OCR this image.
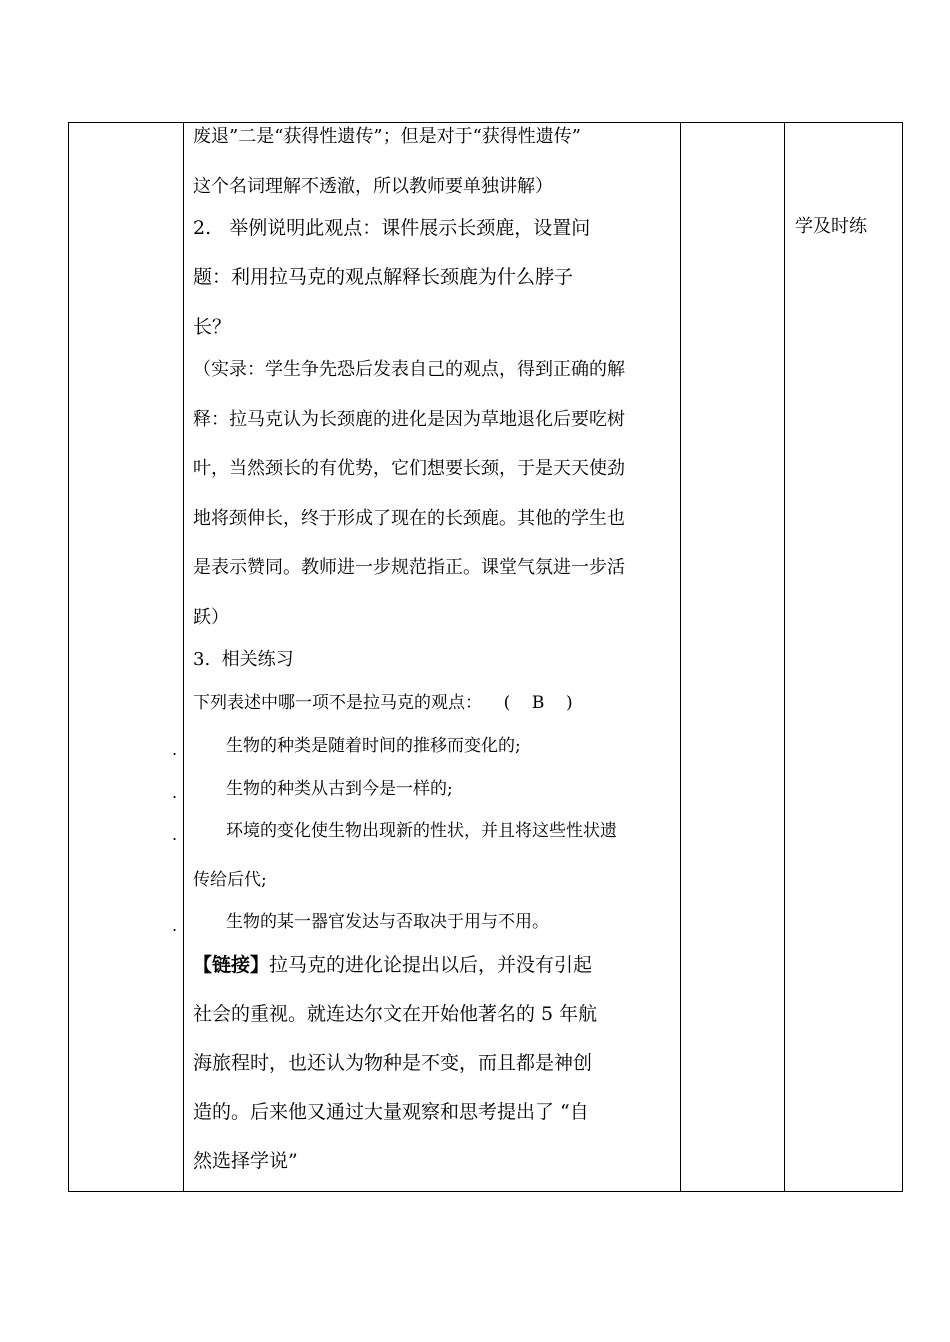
废退”二是“获得性遗传”；但是对于“获得性遗传”
这个名词理解不透澈，所以教师要单独讲解）
2.   举例说明此观点：课件展示长颈鹿，设置问
题：利用拉马克的观点解释长颈鹿为什么脖子
长？
（实录：学生争先恐后发表自己的观点，得到正确的解
释：拉马克认为长颈鹿的进化是因为草地退化后要吃树
叶，当然颈长的有优势，它们想要长颈，于是天天使劲
地将颈伸长，终于形成了现在的长颈鹿。其他的学生也
是表示赞同。教师进一步规范指正。课堂气氛进一步活
跃）
3.  相关练习
下列表述中哪一项不是拉马克的观点：    (    B    )
.	生物的种类是随着时间的推移而变化的;
.	生物的种类从古到今是一样的;
.	环境的变化使生物出现新的性状，并且将这些性状遗
传给后代;
.	生物的某一器官发达与否取决于用与不用。
【链接】拉马克的进化论提出以后，并没有引起
社会的重视。就连达尔文在开始他著名的 5 年航
海旅程时，也还认为物种是不变，而且都是神创
造的。后来他又通过大量观察和思考提出了 “自
然选择学说”
学及时练
